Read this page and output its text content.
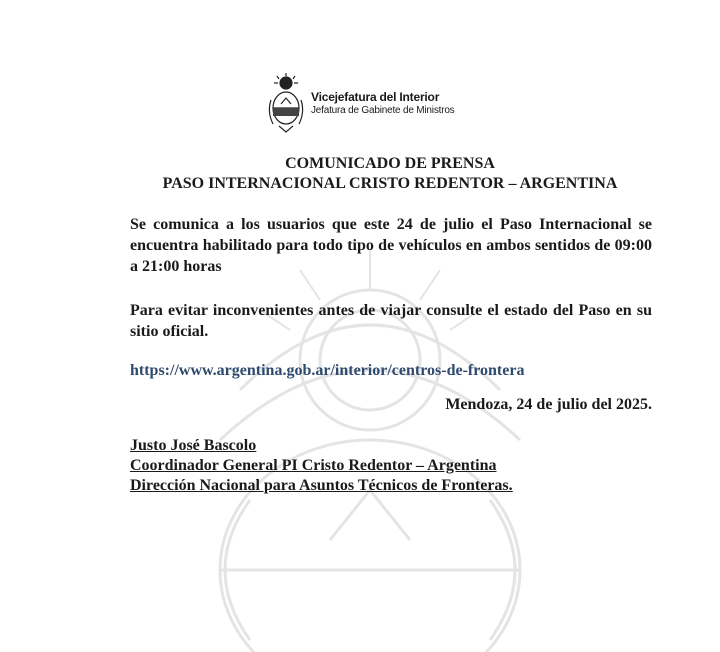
Vicejefatura del Interior
Jefatura de Gabinete de Ministros
COMUNICADO DE PRENSA
PASO INTERNACIONAL CRISTO REDENTOR – ARGENTINA
Se comunica a los usuarios que este 24 de julio el Paso Internacional se encuentra habilitado para todo tipo de vehículos en ambos sentidos de 09:00 a 21:00 horas
Para evitar inconvenientes antes de viajar consulte el estado del Paso en su sitio oficial.
https://www.argentina.gob.ar/interior/centros-de-frontera
Mendoza, 24 de julio del 2025.
Justo José Bascolo
Coordinador General PI Cristo Redentor – Argentina
Dirección Nacional para Asuntos Técnicos de Fronteras.
